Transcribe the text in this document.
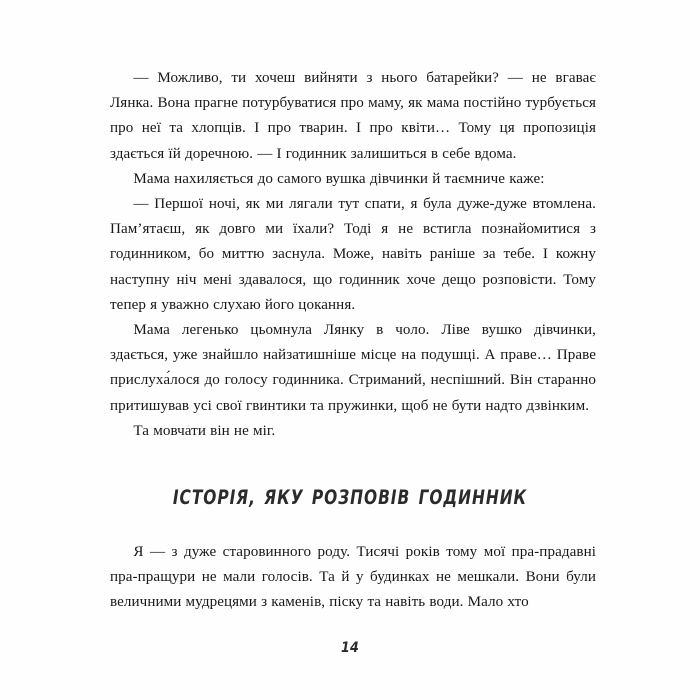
— Можливо, ти хочеш вийняти з нього батарейки? — не вгаває Лянка. Вона прагне потурбуватися про маму, як мама постійно турбується про неї та хлопців. І про тварин. І про квіти… Тому ця пропозиція здається їй доречною. — І годинник залишиться в себе вдома.

Мама нахиляється до самого вушка дівчинки й таємниче каже:

— Першої ночі, як ми лягали тут спати, я була дуже-дуже втомлена. Пам’ятаєш, як довго ми їхали? Тоді я не встигла познайомитися з годинником, бо миттю заснула. Може, навіть раніше за тебе. І кожну наступну ніч мені здавалося, що годинник хоче дещо розповісти. Тому тепер я уважно слухаю його цокання.

Мама легенько цьомнула Лянку в чоло. Ліве вушко дівчинки, здається, уже знайшло найзатишніше місце на подушці. А праве… Праве прислуха́лося до голосу годинника. Стриманий, неспішний. Він старанно притишував усі свої гвинтики та пружинки, щоб не бути надто дзвінким.

Та мовчати він не міг.

ІСТОРІЯ, ЯКУ РОЗПОВІВ ГОДИННИК

Я — з дуже старовинного роду. Тисячі років тому мої пра-прадавні пра-пращури не мали голосів. Та й у будинках не мешкали. Вони були величними мудрецями з каменів, піску та навіть води. Мало хто

14
